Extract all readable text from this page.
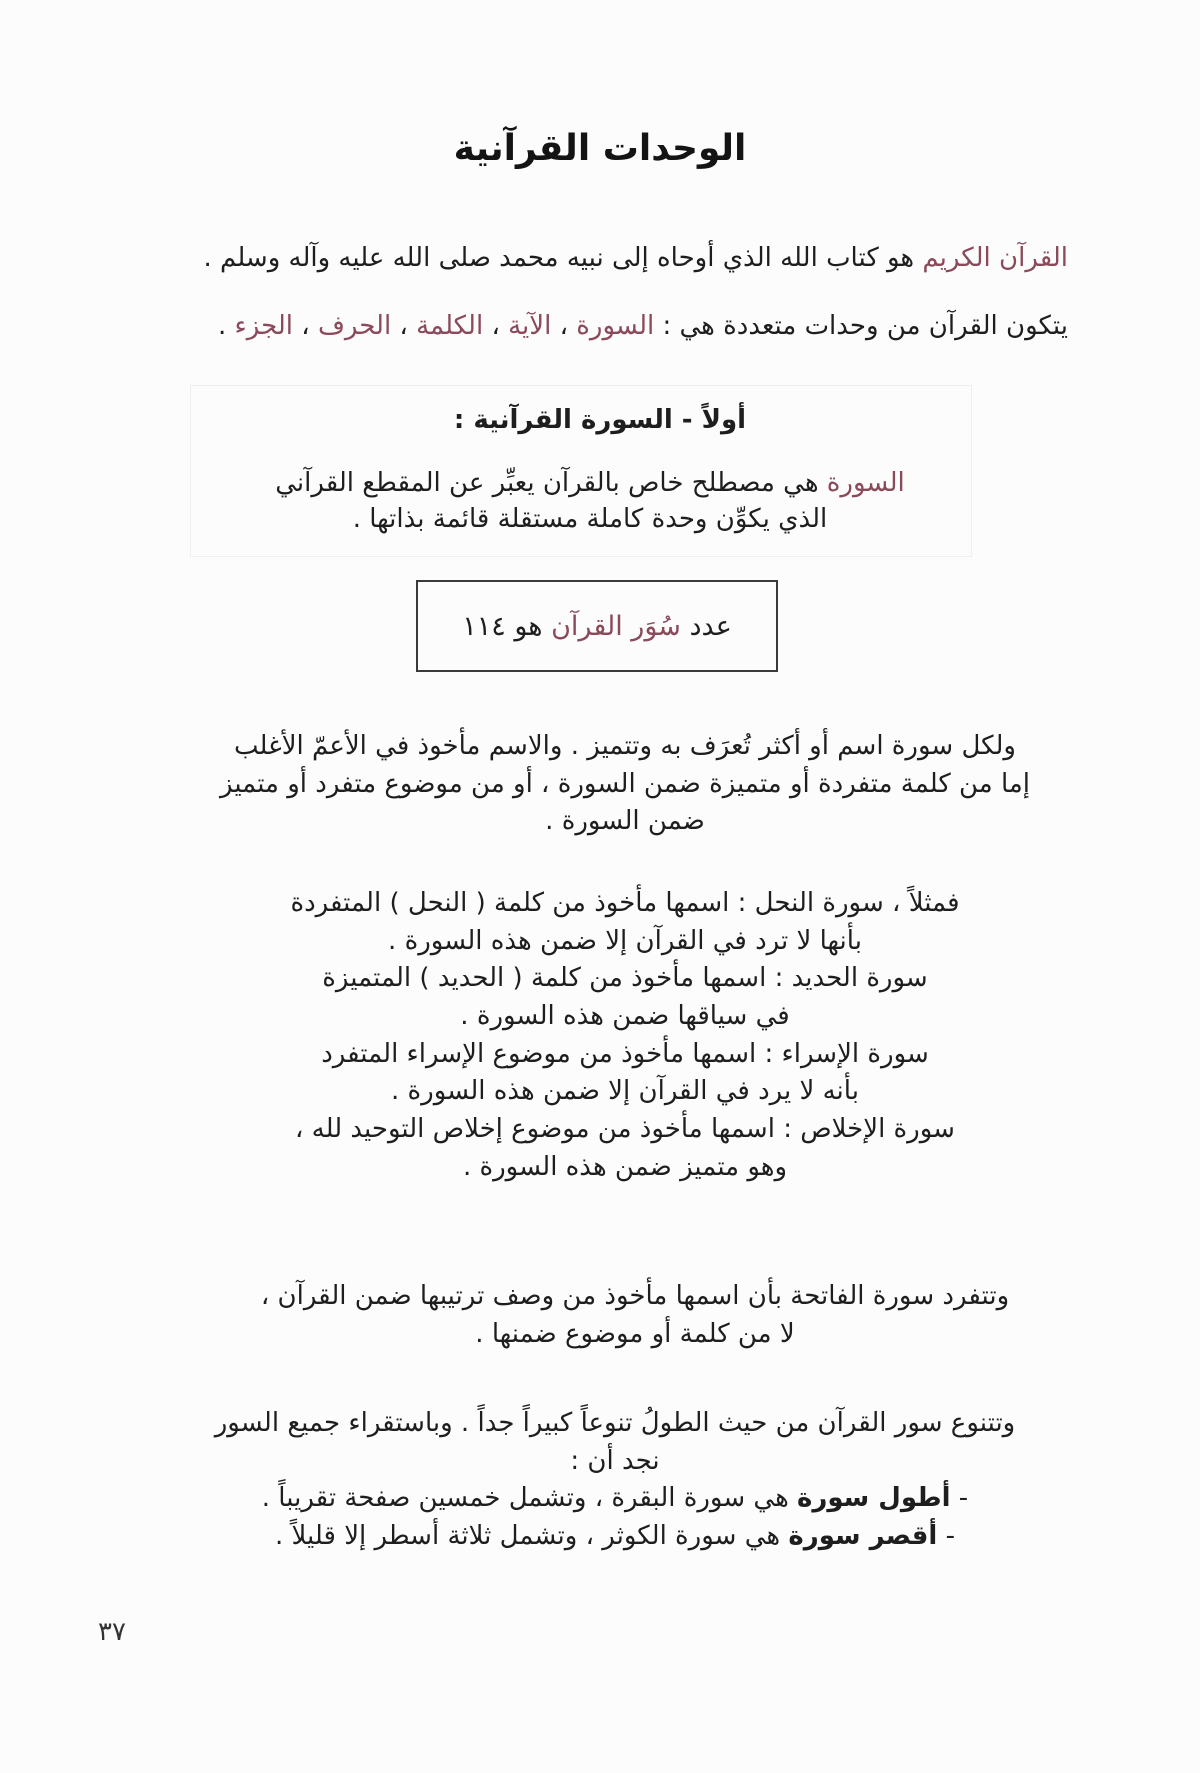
الوحدات القرآنية
القرآن الكريم هو كتاب الله الذي أوحاه إلى نبيه محمد صلى الله عليه وآله وسلم .
يتكون القرآن من وحدات متعددة هي : السورة ، الآية ، الكلمة ، الحرف ، الجزء .
أولاً - السورة القرآنية :
السورة هي مصطلح خاص بالقرآن يعبِّر عن المقطع القرآني
الذي يكوِّن وحدة كاملة مستقلة قائمة بذاتها .
عدد

سُوَر القرآن

هو

١١٤
ولكل سورة اسم أو أكثر تُعرَف به وتتميز . والاسم مأخوذ في الأعمّ الأغلب
إما من كلمة متفردة أو متميزة ضمن السورة ، أو من موضوع متفرد أو متميز
ضمن السورة .
فمثلاً ، سورة النحل : اسمها مأخوذ من كلمة ( النحل ) المتفردة
بأنها لا ترد في القرآن إلا ضمن هذه السورة .
سورة الحديد : اسمها مأخوذ من كلمة ( الحديد ) المتميزة
في سياقها ضمن هذه السورة .
سورة الإسراء : اسمها مأخوذ من موضوع الإسراء المتفرد
بأنه لا يرد في القرآن إلا ضمن هذه السورة .
سورة الإخلاص : اسمها مأخوذ من موضوع إخلاص التوحيد لله ،
وهو متميز ضمن هذه السورة .
وتتفرد سورة الفاتحة بأن اسمها مأخوذ من وصف ترتيبها ضمن القرآن ،
لا من كلمة أو موضوع ضمنها .
وتتنوع سور القرآن من حيث الطولُ تنوعاً كبيراً جداً . وباستقراء جميع السور
نجد أن :
- أطول سورة هي سورة البقرة ، وتشمل خمسين صفحة تقريباً .
- أقصر سورة هي سورة الكوثر ، وتشمل ثلاثة أسطر إلا قليلاً .
٣٧
